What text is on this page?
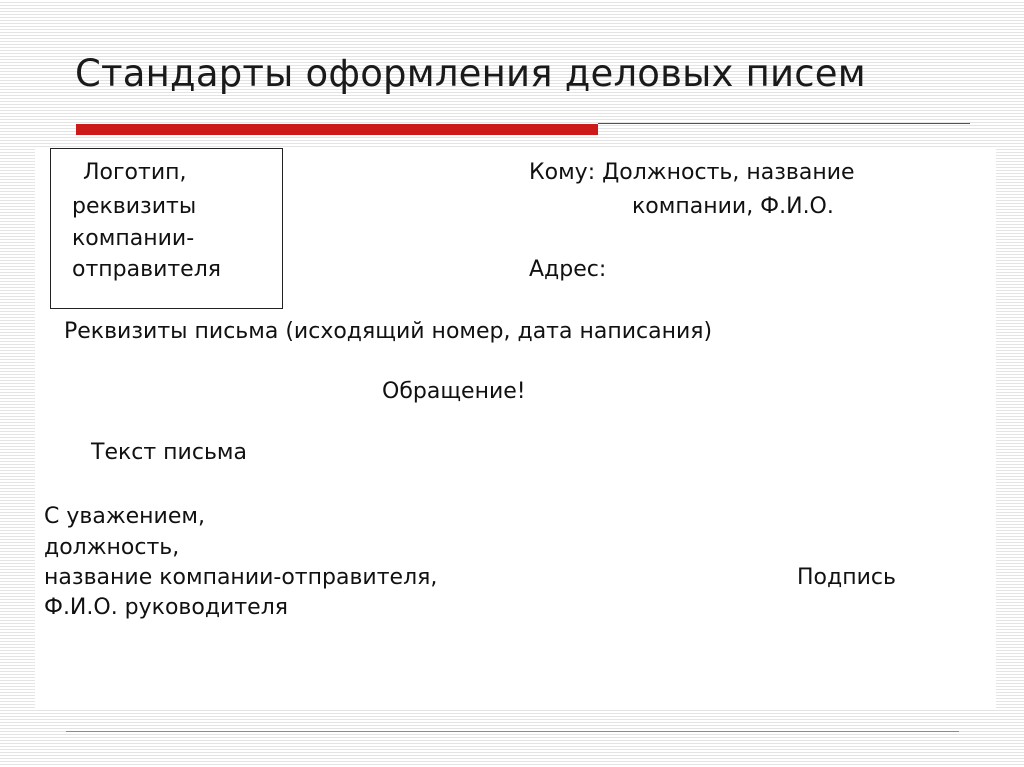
Стандарты оформления деловых писем
Логотип,
реквизиты
компании-
отправителя
Кому: Должность, название
компании, Ф.И.О.
Адрес:
Реквизиты письма (исходящий номер, дата написания)
Обращение!
Текст письма
С уважением,
должность,
название компании-отправителя,
Ф.И.О. руководителя
Подпись
